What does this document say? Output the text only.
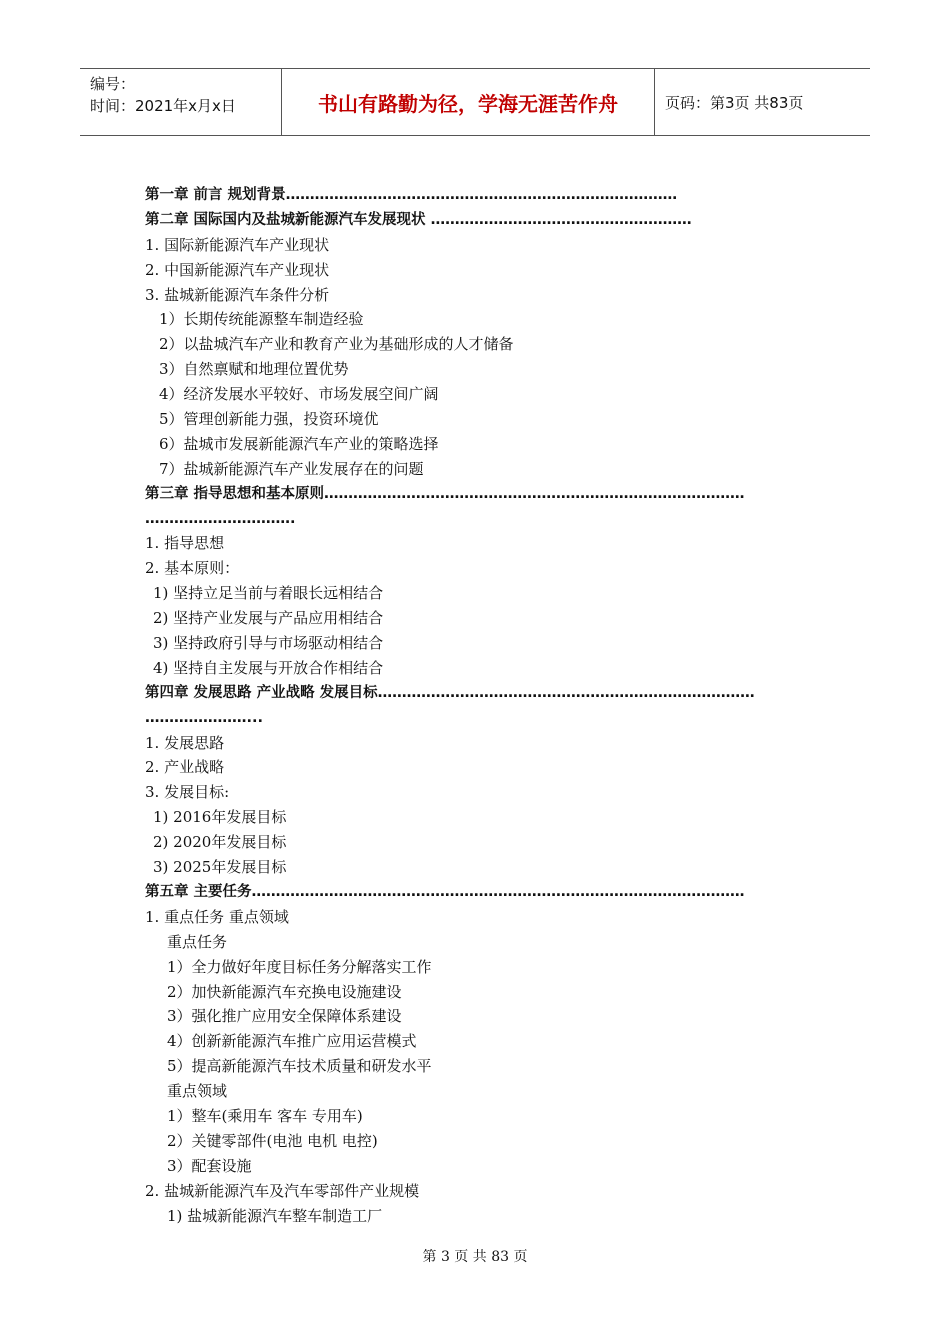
编号：
时间：2021年x月x日	书山有路勤为径，学海无涯苦作舟	页码：第3页 共83页
第一章 前言 规划背景………………………………………………………………………
第二章 国际国内及盐城新能源汽车发展现状 ………………………………………………
1. 国际新能源汽车产业现状
2. 中国新能源汽车产业现状
3. 盐城新能源汽车条件分析
1）长期传统能源整车制造经验
2）以盐城汽车产业和教育产业为基础形成的人才储备
3）自然禀赋和地理位置优势
4）经济发展水平较好、市场发展空间广阔
5）管理创新能力强，投资环境优
6）盐城市发展新能源汽车产业的策略选择
7）盐城新能源汽车产业发展存在的问题
第三章 指导思想和基本原则……………………………………………………………………………
………………………….
1. 指导思想
2. 基本原则：
1) 坚持立足当前与着眼长远相结合
2) 坚持产业发展与产品应用相结合
3) 坚持政府引导与市场驱动相结合
4) 坚持自主发展与开放合作相结合
第四章 发展思路 产业战略 发展目标……………………………………………………………………
…………………...
1. 发展思路
2. 产业战略
3. 发展目标:
1) 2016年发展目标
2) 2020年发展目标
3) 2025年发展目标
第五章 主要任务…………………………………………………………………………………………
1. 重点任务 重点领域
重点任务
1）全力做好年度目标任务分解落实工作
2）加快新能源汽车充换电设施建设
3）强化推广应用安全保障体系建设
4）创新新能源汽车推广应用运营模式
5）提高新能源汽车技术质量和研发水平
重点领域
1）整车(乘用车 客车 专用车)
2）关键零部件(电池 电机 电控)
3）配套设施
2. 盐城新能源汽车及汽车零部件产业规模
1) 盐城新能源汽车整车制造工厂
第 3 页 共 83 页
